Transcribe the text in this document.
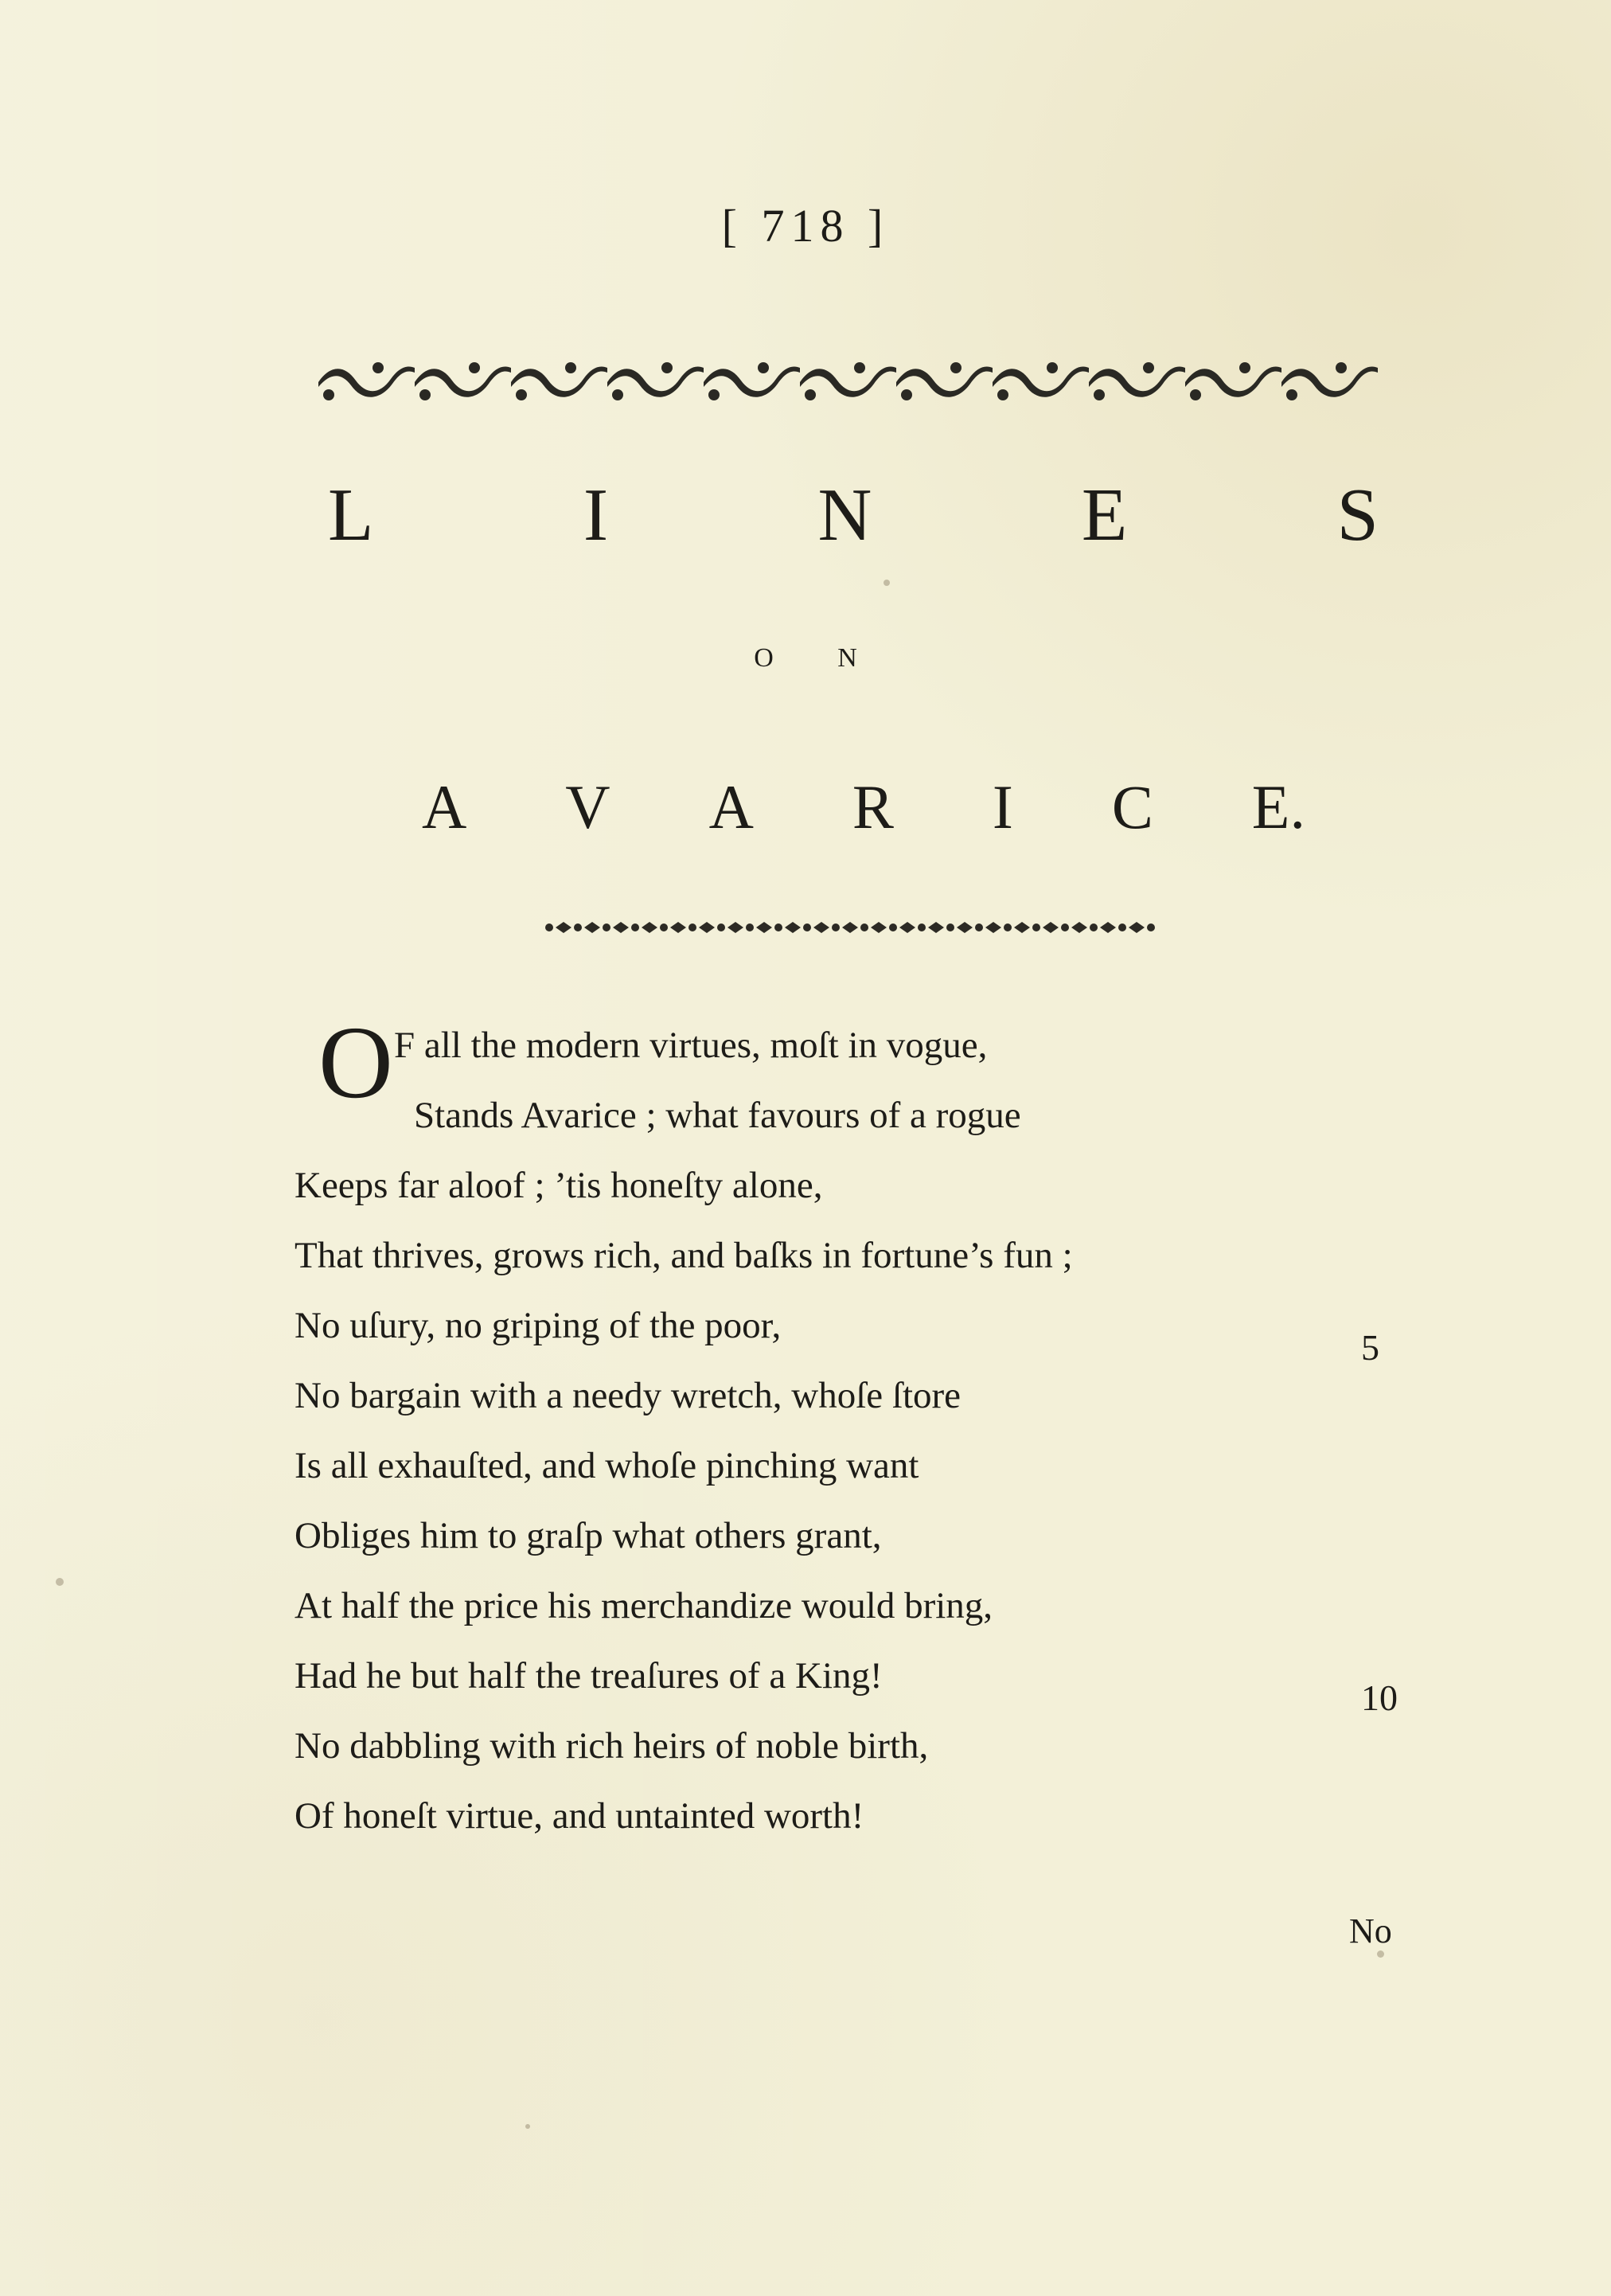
[ 718 ]
L	I	N	E	S
O N
A V A R I C E.
O F all the modern virtues, moſt in vogue,
Stands Avarice ; what favours of a rogue
Keeps far aloof ; ’tis honeſty alone,
That thrives, grows rich, and baſks in fortune’s fun ;
No uſury, no griping of the poor,
No bargain with a needy wretch, whoſe ſtore
Is all exhauſted, and whoſe pinching want
Obliges him to graſp what others grant,
At half the price his merchandize would bring,
Had he but half the treaſures of a King!
No dabbling with rich heirs of noble birth,
Of honeſt virtue, and untainted worth!
5
10
No
